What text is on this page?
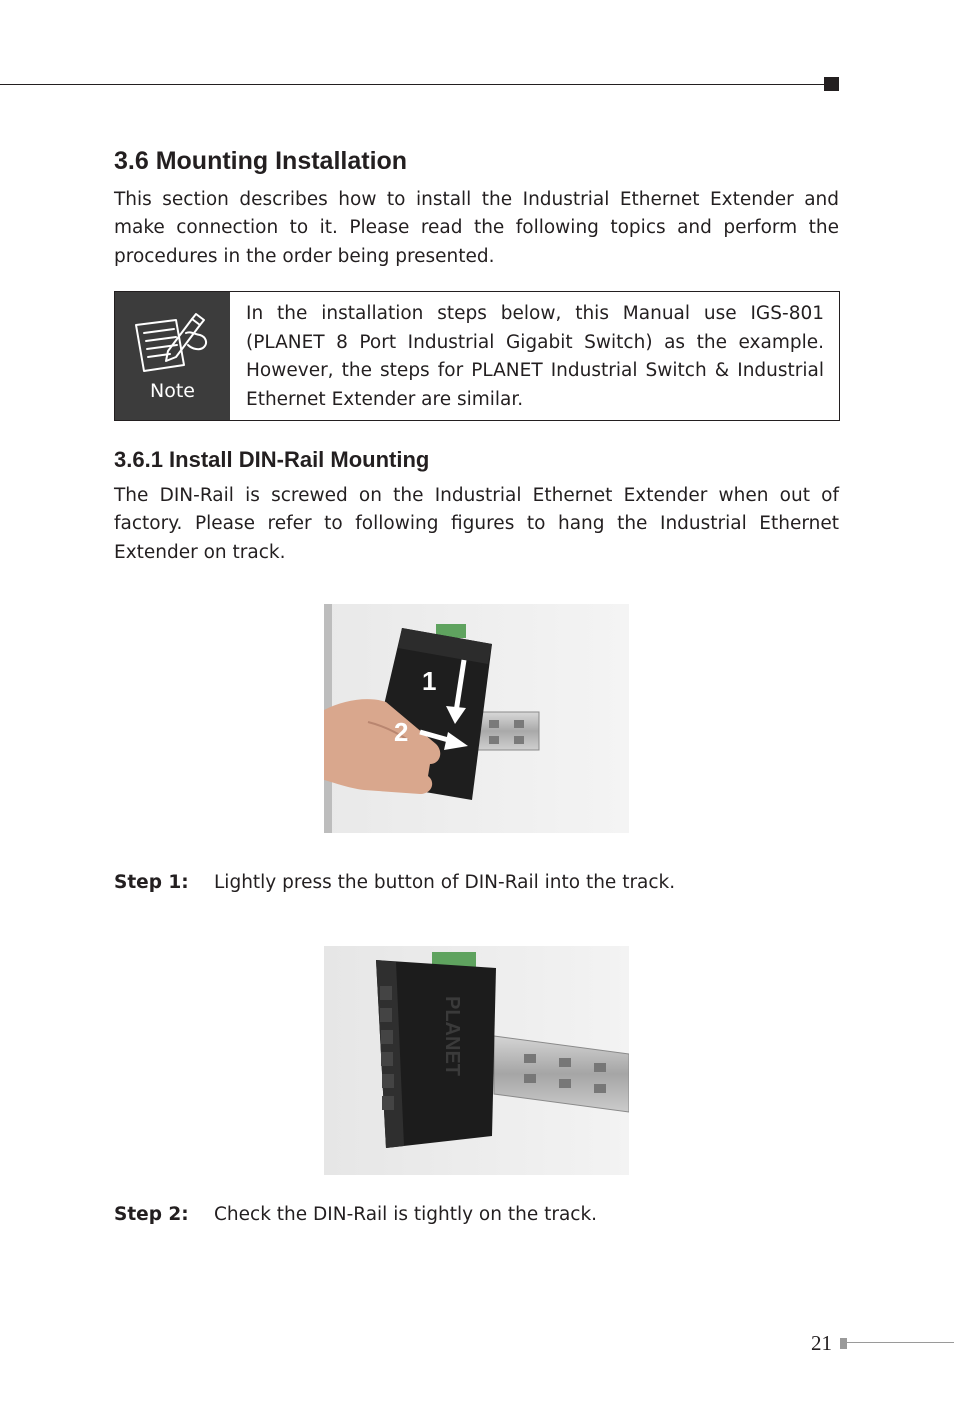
3.6 Mounting Installation

This section describes how to install the Industrial Ethernet Extender and make connection to it. Please read the following topics and perform the procedures in the order being presented.

Note

In the installation steps below, this Manual use IGS-801 (PLANET 8 Port Industrial Gigabit Switch) as the example. However, the steps for PLANET Industrial Switch & Industrial Ethernet Extender are similar.

3.6.1 Install DIN-Rail Mounting

The DIN-Rail is screwed on the Industrial Ethernet Extender when out of factory. Please refer to following figures to hang the Industrial Ethernet Extender on track.

1
2
Step 1: Lightly press the button of DIN-Rail into the track.
PLANET
Step 2: Check the DIN-Rail is tightly on the track.
21
